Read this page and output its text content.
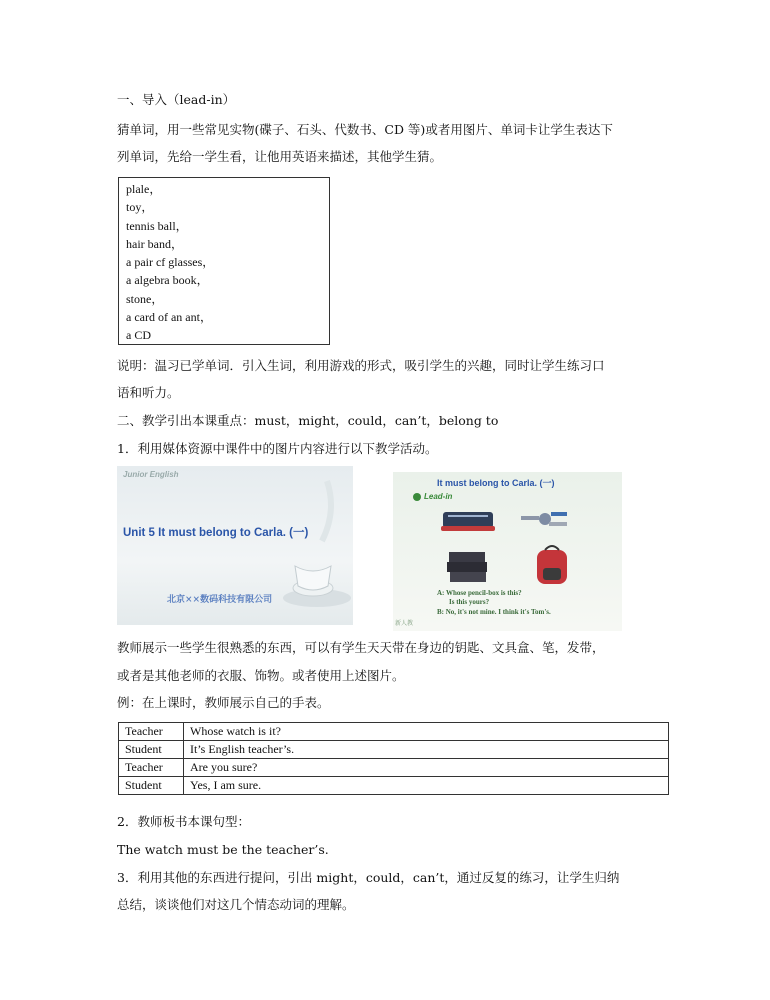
一、导入（lead-in）
猜单词，用一些常见实物(碟子、石头、代数书、CD 等)或者用图片、单词卡让学生表达下
列单词，先给一学生看，让他用英语来描述，其他学生猜。
plale，
toy，
tennis ball，
hair band，
a pair cf glasses，
a algebra book，
stone，
a card of an ant，
a CD
说明：温习已学单词．引入生词，利用游戏的形式，吸引学生的兴趣，同时让学生练习口
语和听力。
二、教学引出本课重点：must，might，could，can’t，belong to
1．利用媒体资源中课件中的图片内容进行以下教学活动。
Junior English
Unit 5 It must belong to Carla. (一)
北京××数码科技有限公司
It must belong to Carla. (一)
Lead-in
A: Whose pencil-box is this?
Is this yours?
B: No, it's not mine. I think it's Tom's.
新人教
教师展示一些学生很熟悉的东西，可以有学生天天带在身边的钥匙、文具盒、笔，发带，
或者是其他老师的衣服、饰物。或者使用上述图片。
例：在上课时，教师展示自己的手表。
Teacher	Whose watch is it?
Student	It’s English teacher’s.
Teacher	Are you sure?
Student	Yes, I am sure.
2．教师板书本课句型：
The watch must be the teacher’s.
3．利用其他的东西进行提问，引出 might，could，can’t，通过反复的练习，让学生归纳
总结，谈谈他们对这几个情态动词的理解。
